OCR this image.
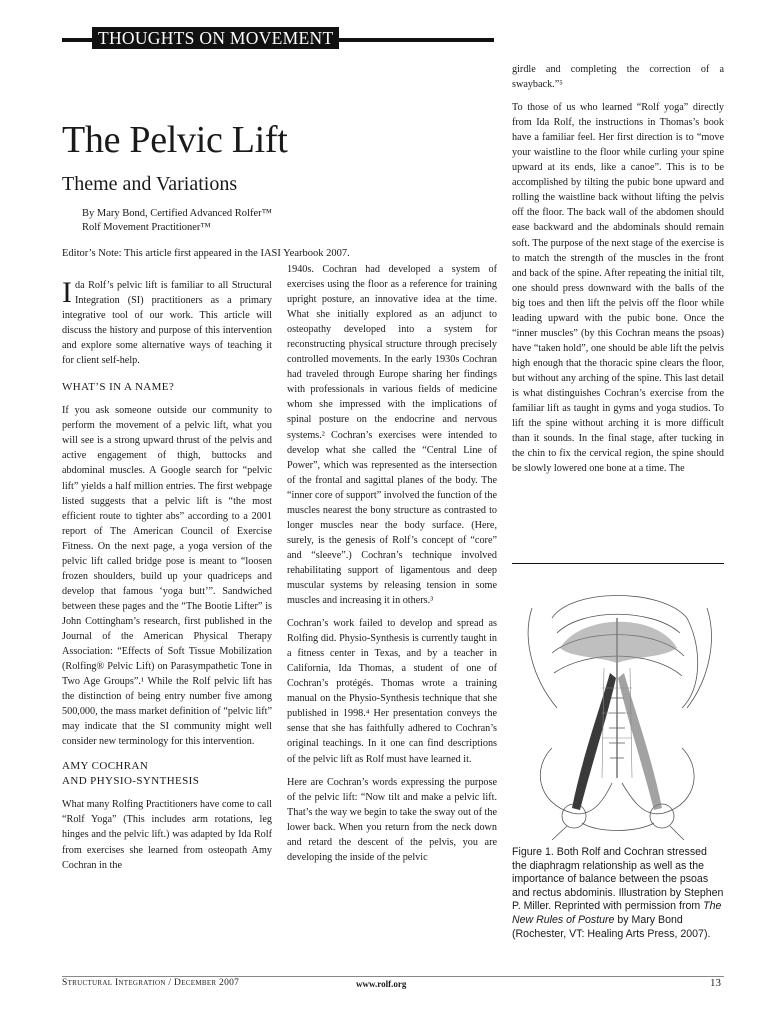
THOUGHTS ON MOVEMENT
The Pelvic Lift
Theme and Variations
By Mary Bond, Certified Advanced Rolfer™
Rolf Movement Practitioner™
Editor’s Note: This article first appeared in the IASI Yearbook 2007.

Ida Rolf’s pelvic lift is familiar to all Structural Integration (SI) practitioners as a primary integrative tool of our work. This article will discuss the history and purpose of this intervention and explore some alternative ways of teaching it for client self-help.

WHAT’S IN A NAME?

If you ask someone outside our community to perform the movement of a pelvic lift, what you will see is a strong upward thrust of the pelvis and active engagement of thigh, buttocks and abdominal muscles. A Google search for “pelvic lift” yields a half million entries. The first webpage listed suggests that a pelvic lift is “the most efficient route to tighter abs” according to a 2001 report of The American Council of Exercise Fitness. On the next page, a yoga version of the pelvic lift called bridge pose is meant to “loosen frozen shoulders, build up your quadriceps and develop that famous ‘yoga butt’”. Sandwiched between these pages and the “The Bootie Lifter” is John Cottingham’s research, first published in the Journal of the American Physical Therapy Association: “Effects of Soft Tissue Mobilization (Rolfing® Pelvic Lift) on Parasympathetic Tone in Two Age Groups”.¹ While the Rolf pelvic lift has the distinction of being entry number five among 500,000, the mass market definition of “pelvic lift” may indicate that the SI community might well consider new terminology for this intervention.

AMY COCHRAN
AND PHYSIO-SYNTHESIS

What many Rolfing Practitioners have come to call “Rolf Yoga” (This includes arm rotations, leg hinges and the pelvic lift.) was adapted by Ida Rolf from exercises she learned from osteopath Amy Cochran in the

1940s. Cochran had developed a system of exercises using the floor as a reference for training upright posture, an innovative idea at the time. What she initially explored as an adjunct to osteopathy developed into a system for reconstructing physical structure through precisely controlled movements. In the early 1930s Cochran had traveled through Europe sharing her findings with professionals in various fields of medicine whom she impressed with the implications of spinal posture on the endocrine and nervous systems.² Cochran’s exercises were intended to develop what she called the “Central Line of Power”, which was represented as the intersection of the frontal and sagittal planes of the body. The “inner core of support” involved the function of the muscles nearest the bony structure as contrasted to longer muscles near the body surface. (Here, surely, is the genesis of Rolf’s concept of “core” and “sleeve”.) Cochran’s technique involved rehabilitating support of ligamentous and deep muscular systems by releasing tension in some muscles and increasing it in others.³

Cochran’s work failed to develop and spread as Rolfing did. Physio-Synthesis is currently taught in a fitness center in Texas, and by a teacher in California, Ida Thomas, a student of one of Cochran’s protégés. Thomas wrote a training manual on the Physio-Synthesis technique that she published in 1998.⁴ Her presentation conveys the sense that she has faithfully adhered to Cochran’s original teachings. In it one can find descriptions of the pelvic lift as Rolf must have learned it.

Here are Cochran’s words expressing the purpose of the pelvic lift: “Now tilt and make a pelvic lift. That’s the way we begin to take the sway out of the lower back. When you return from the neck down and retard the descent of the pelvis, you are developing the inside of the pelvic

girdle and completing the correction of a swayback.”⁵

To those of us who learned “Rolf yoga” directly from Ida Rolf, the instructions in Thomas’s book have a familiar feel. Her first direction is to “move your waistline to the floor while curling your spine upward at its ends, like a canoe”. This is to be accomplished by tilting the pubic bone upward and rolling the waistline back without lifting the pelvis off the floor. The back wall of the abdomen should ease backward and the abdominals should remain soft. The purpose of the next stage of the exercise is to match the strength of the muscles in the front and back of the spine. After repeating the initial tilt, one should press downward with the balls of the big toes and then lift the pelvis off the floor while leading upward with the pubic bone. Once the “inner muscles” (by this Cochran means the psoas) have “taken hold”, one should be able lift the pelvis high enough that the thoracic spine clears the floor, but without any arching of the spine. This last detail is what distinguishes Cochran’s exercise from the familiar lift as taught in gyms and yoga studios. To lift the spine without arching it is more difficult than it sounds. In the final stage, after tucking in the chin to fix the cervical region, the spine should be slowly lowered one bone at a time. The

Figure 1. Both Rolf and Cochran stressed the diaphragm relationship as well as the importance of balance between the psoas and rectus abdominis. Illustration by Stephen P. Miller. Reprinted with permission from The New Rules of Posture by Mary Bond (Rochester, VT: Healing Arts Press, 2007).
Structural Integration / December 2007	www.rolf.org	13
